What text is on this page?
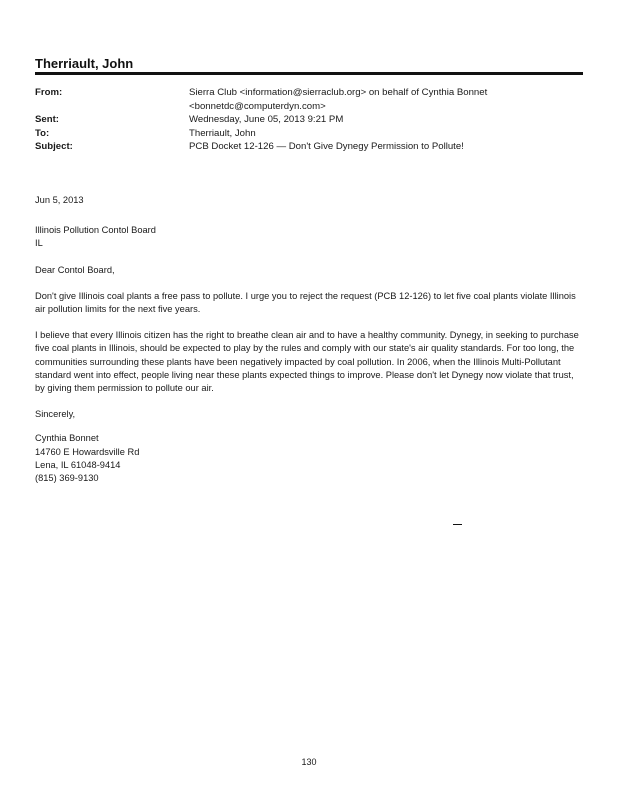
Therriault, John
From:	Sierra Club <information@sierraclub.org> on behalf of Cynthia Bonnet
<bonnetdc@computerdyn.com>
Sent:	Wednesday, June 05, 2013 9:21 PM
To:	Therriault, John
Subject:	PCB Docket 12-126 — Don't Give Dynegy Permission to Pollute!

Jun 5, 2013

Illinois Pollution Contol Board

IL

Dear Contol Board,

Don't give Illinois coal plants a free pass to pollute. I urge you to reject the request (PCB 12-126) to let five coal plants violate Illinois air pollution limits for the next five years.

I believe that every Illinois citizen has the right to breathe clean air and to have a healthy community. Dynegy, in seeking to purchase five coal plants in Illinois, should be expected to play by the rules and comply with our state's air quality standards. For too long, the communities surrounding these plants have been negatively impacted by coal pollution. In 2006, when the Illinois Multi-Pollutant standard went into effect, people living near these plants expected things to improve. Please don't let Dynegy now violate that trust, by giving them permission to pollute our air.

Sincerely,

Cynthia Bonnet

14760 E Howardsville Rd

Lena, IL 61048-9414

(815) 369-9130

130
